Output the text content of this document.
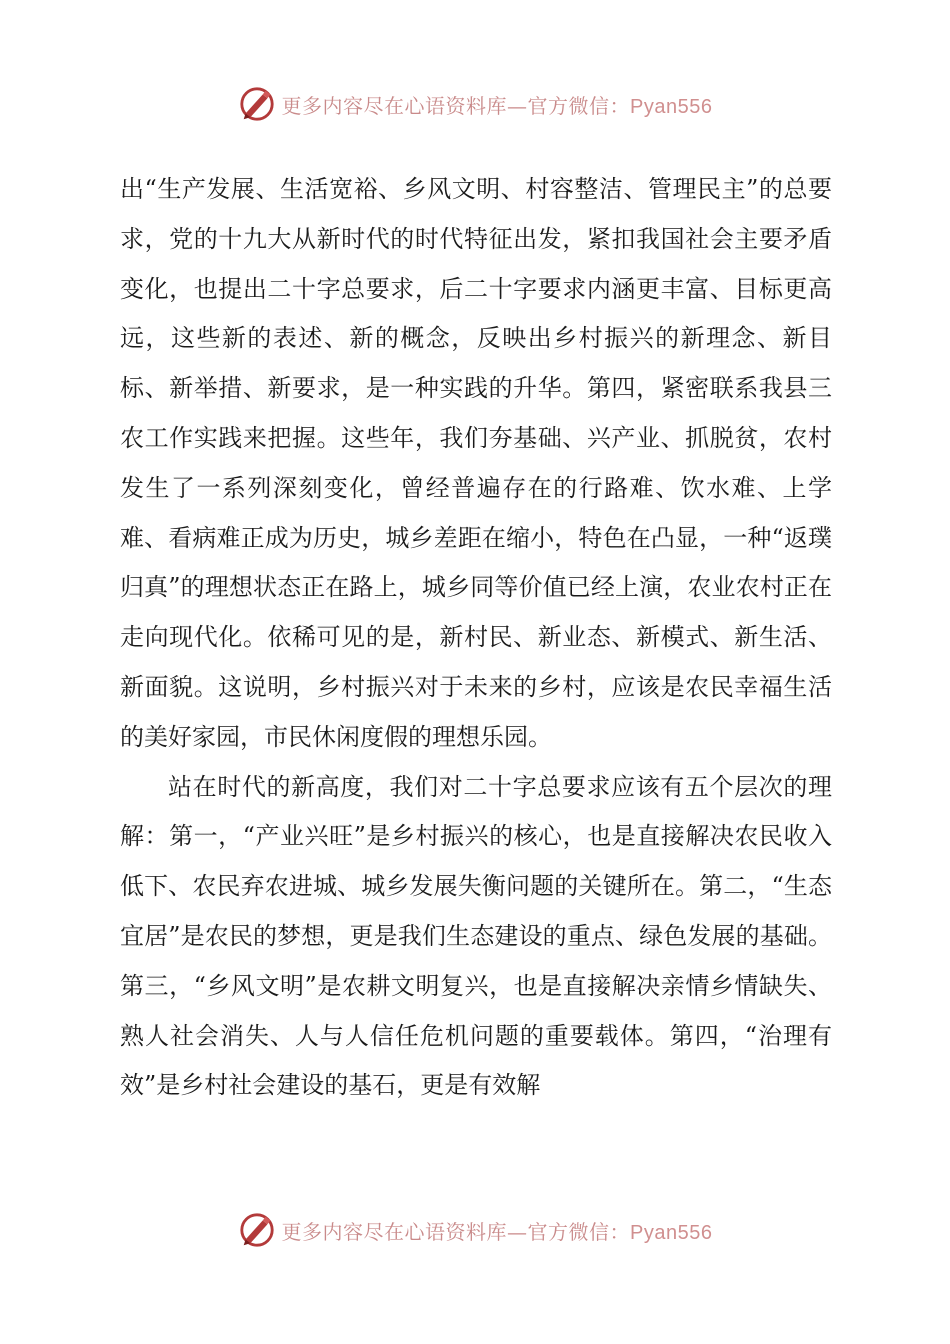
更多内容尽在心语资料库—官方微信：Pyan556

出“生产发展、生活宽裕、乡风文明、村容整洁、管理民主”的总要求，党的十九大从新时代的时代特征出发，紧扣我国社会主要矛盾变化，也提出二十字总要求，后二十字要求内涵更丰富、目标更高远，这些新的表述、新的概念，反映出乡村振兴的新理念、新目标、新举措、新要求，是一种实践的升华。第四，紧密联系我县三农工作实践来把握。这些年，我们夯基础、兴产业、抓脱贫，农村发生了一系列深刻变化，曾经普遍存在的行路难、饮水难、上学难、看病难正成为历史，城乡差距在缩小，特色在凸显，一种“返璞归真”的理想状态正在路上，城乡同等价值已经上演，农业农村正在走向现代化。依稀可见的是，新村民、新业态、新模式、新生活、新面貌。这说明，乡村振兴对于未来的乡村，应该是农民幸福生活的美好家园，市民休闲度假的理想乐园。

站在时代的新高度，我们对二十字总要求应该有五个层次的理解：第一，“产业兴旺”是乡村振兴的核心，也是直接解决农民收入低下、农民弃农进城、城乡发展失衡问题的关键所在。第二，“生态宜居”是农民的梦想，更是我们生态建设的重点、绿色发展的基础。第三，“乡风文明”是农耕文明复兴，也是直接解决亲情乡情缺失、熟人社会消失、人与人信任危机问题的重要载体。第四，“治理有效”是乡村社会建设的基石，更是有效解

更多内容尽在心语资料库—官方微信：Pyan556
